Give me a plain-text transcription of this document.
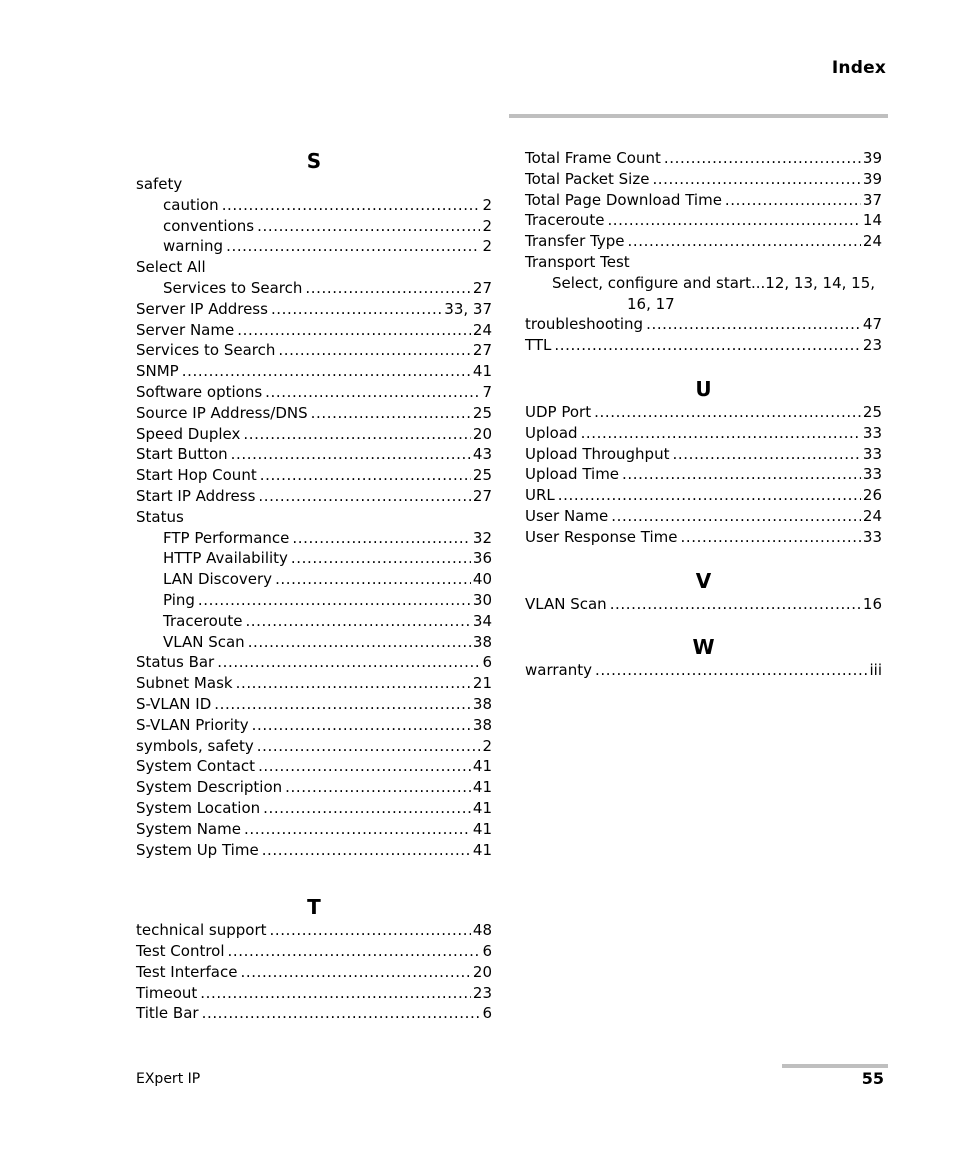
Index
S
safety
caution .....	2
conventions .....	2
warning .....	2
Select All
Services to Search .....	27
Server IP Address .....	33, 37
Server Name .....	24
Services to Search .....	27
SNMP .....	41
Software options .....	7
Source IP Address/DNS .....	25
Speed Duplex .....	20
Start Button .....	43
Start Hop Count .....	25
Start IP Address .....	27
Status
FTP Performance .....	32
HTTP Availability .....	36
LAN Discovery .....	40
Ping .....	30
Traceroute .....	34
VLAN Scan .....	38
Status Bar .....	6
Subnet Mask .....	21
S-VLAN ID .....	38
S-VLAN Priority .....	38
symbols, safety .....	2
System Contact .....	41
System Description .....	41
System Location .....	41
System Name .....	41
System Up Time .....	41
T
technical support .....	48
Test Control .....	6
Test Interface .....	20
Timeout .....	23
Title Bar .....	6
Total Frame Count .....	39
Total Packet Size .....	39
Total Page Download Time .....	37
Traceroute .....	14
Transfer Type .....	24
Transport Test
Select, configure and start...12, 13, 14, 15,
16, 17
troubleshooting .....	47
TTL .....	23
U
UDP Port .....	25
Upload .....	33
Upload Throughput .....	33
Upload Time .....	33
URL .....	26
User Name .....	24
User Response Time .....	33
V
VLAN Scan .....	16
W
warranty .....	iii
EXpert IP	55
